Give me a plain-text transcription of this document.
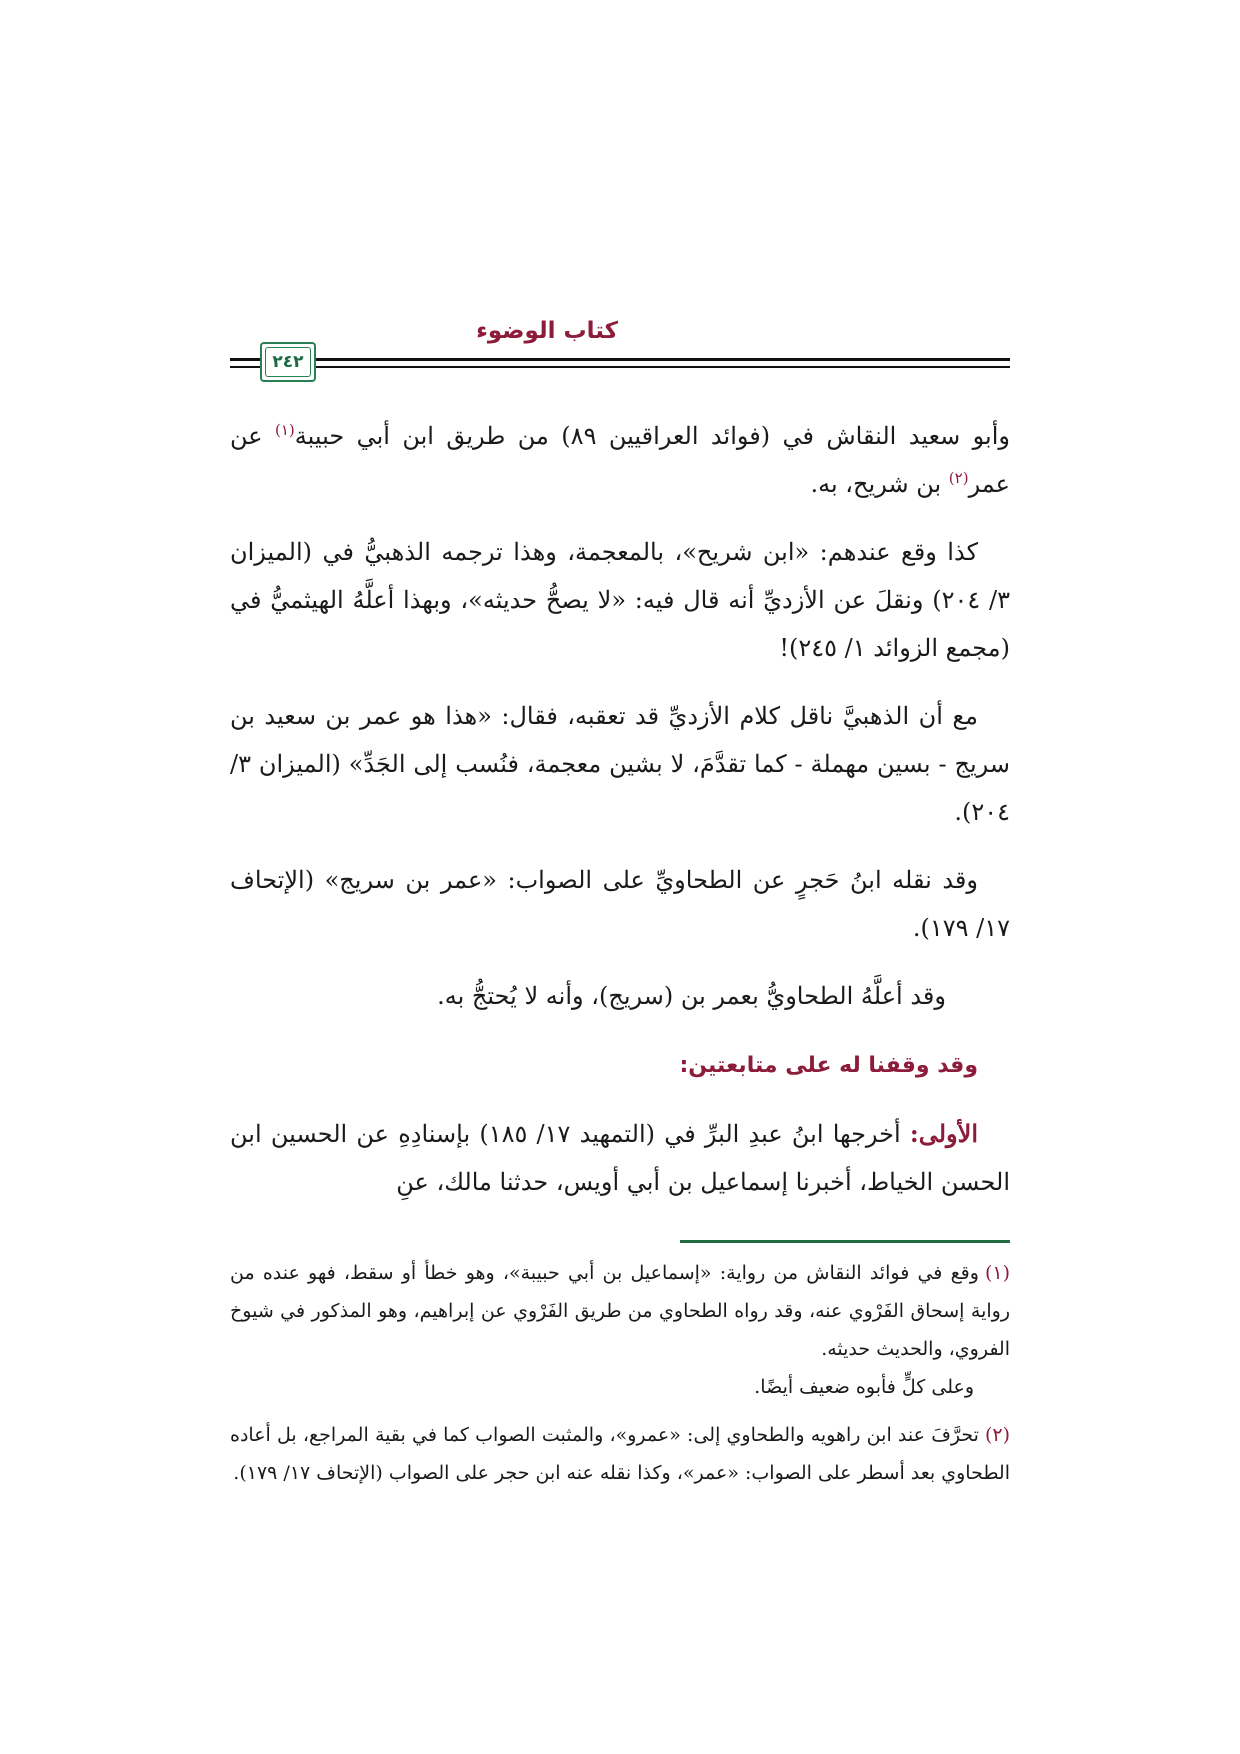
كتاب الوضوء
٢٤٢

وأبو سعيد النقاش في (فوائد العراقيين ٨٩) من طريق ابن أبي حبيبة$^{(١)}$ عن عمر$^{(٢)}$ بن شريح، به.

كذا وقع عندهم: «ابن شريح»، بالمعجمة، وهذا ترجمه الذهبيُّ في (الميزان ٣/ ٢٠٤) ونقلَ عن الأزديِّ أنه قال فيه: «لا يصحُّ حديثه»، وبهذا أعلَّهُ الهيثميُّ في (مجمع الزوائد ١/ ٢٤٥)!

مع أن الذهبيَّ ناقل كلام الأزديِّ قد تعقبه، فقال: «هذا هو عمر بن سعيد بن سريج - بسين مهملة - كما تقدَّمَ، لا بشين معجمة، فنُسب إلى الجَدِّ» (الميزان ٣/ ٢٠٤).

وقد نقله ابنُ حَجرٍ عن الطحاويِّ على الصواب: «عمر بن سريج» (الإتحاف ١٧/ ١٧٩).

وقد أعلَّهُ الطحاويُّ بعمر بن (سريج)، وأنه لا يُحتجُّ به.

وقد وقفنا له على متابعتين:

الأولى: أخرجها ابنُ عبدِ البرِّ في (التمهيد ١٧/ ١٨٥) بإسنادِهِ عن الحسين ابن الحسن الخياط، أخبرنا إسماعيل بن أبي أويس، حدثنا مالك، عنِ

(١)وقع في فوائد النقاش من رواية: «إسماعيل بن أبي حبيبة»، وهو خطأ أو سقط، فهو عنده من رواية إسحاق الفَرْوي عنه، وقد رواه الطحاوي من طريق الفَرْوي عن إبراهيم، وهو المذكور في شيوخ الفروي، والحديث حديثه.
وعلى كلٍّ فأبوه ضعيف أيضًا.
(٢)تحرَّفَ عند ابن راهويه والطحاوي إلى: «عمرو»، والمثبت الصواب كما في بقية المراجع، بل أعاده الطحاوي بعد أسطر على الصواب: «عمر»، وكذا نقله عنه ابن حجر على الصواب (الإتحاف ١٧/ ١٧٩).
